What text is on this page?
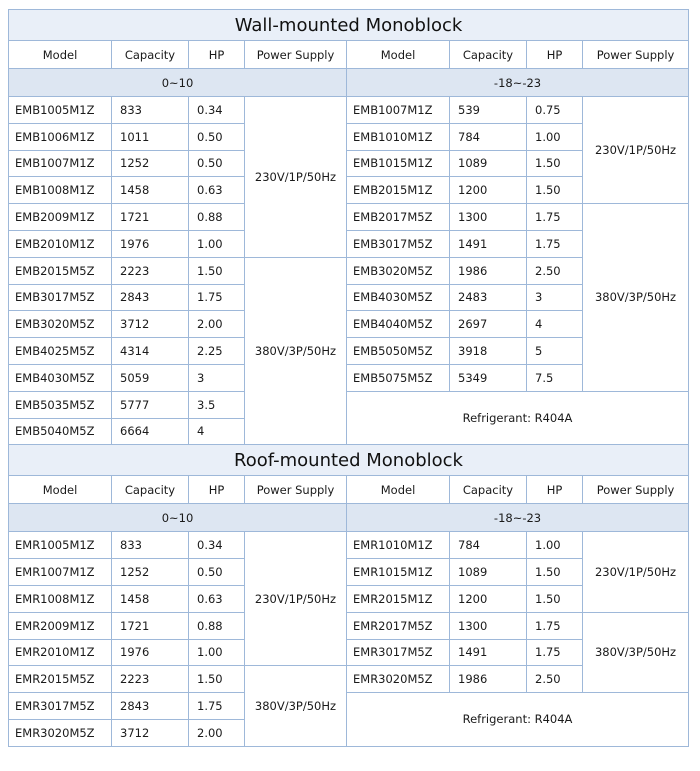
Wall-mounted Monoblock							
Model	Capacity	HP	Power Supply	Model	Capacity	HP	Power Supply
0~10				-18~-23			
EMB1005M1Z	833	0.34	230V/1P/50Hz	EMB1007M1Z	539	0.75	230V/1P/50Hz
EMB1006M1Z	1011	0.50		EMB1010M1Z	784	1.00	
EMB1007M1Z	1252	0.50		EMB1015M1Z	1089	1.50	
EMB1008M1Z	1458	0.63		EMB2015M1Z	1200	1.50	
EMB2009M1Z	1721	0.88		EMB2017M5Z	1300	1.75	380V/3P/50Hz
EMB2010M1Z	1976	1.00		EMB3017M5Z	1491	1.75	
EMB2015M5Z	2223	1.50	380V/3P/50Hz	EMB3020M5Z	1986	2.50	
EMB3017M5Z	2843	1.75		EMB4030M5Z	2483	3	
EMB3020M5Z	3712	2.00		EMB4040M5Z	2697	4	
EMB4025M5Z	4314	2.25		EMB5050M5Z	3918	5	
EMB4030M5Z	5059	3		EMB5075M5Z	5349	7.5	
EMB5035M5Z	5777	3.5		Refrigerant: R404A			
EMB5040M5Z	6664	4					
Roof-mounted Monoblock							
Model	Capacity	HP	Power Supply	Model	Capacity	HP	Power Supply
0~10				-18~-23			
EMR1005M1Z	833	0.34	230V/1P/50Hz	EMR1010M1Z	784	1.00	230V/1P/50Hz
EMR1007M1Z	1252	0.50		EMR1015M1Z	1089	1.50	
EMR1008M1Z	1458	0.63		EMR2015M1Z	1200	1.50	
EMR2009M1Z	1721	0.88		EMR2017M5Z	1300	1.75	380V/3P/50Hz
EMR2010M1Z	1976	1.00		EMR3017M5Z	1491	1.75	
EMR2015M5Z	2223	1.50	380V/3P/50Hz	EMR3020M5Z	1986	2.50	
EMR3017M5Z	2843	1.75		Refrigerant: R404A			
EMR3020M5Z	3712	2.00					
